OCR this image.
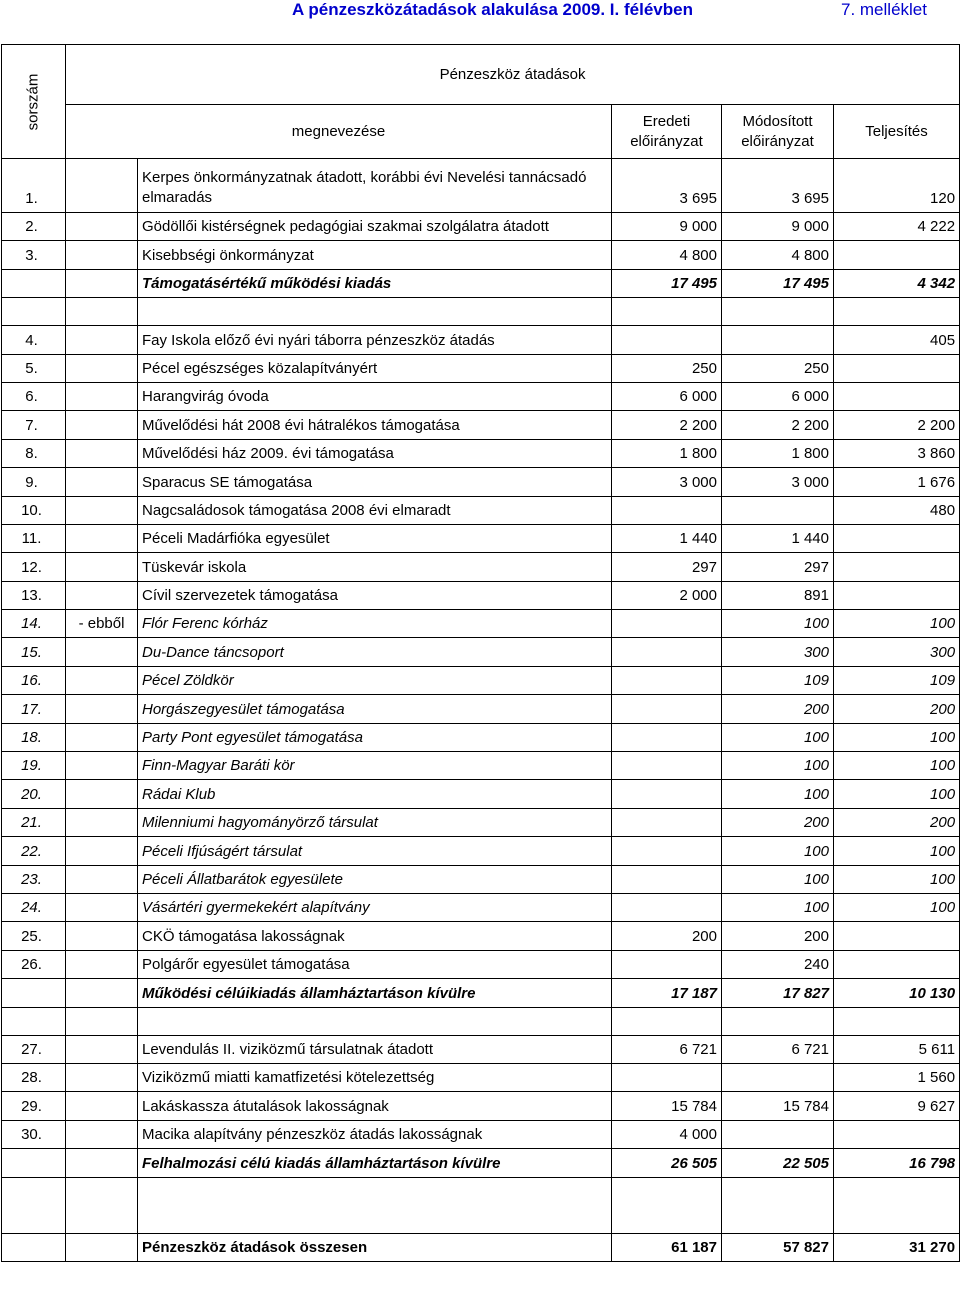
A pénzeszközátadások alakulása 2009. I. félévben	7. melléklet
sorszám	Pénzeszköz átadások				
	megnevezése		Eredeti
előirányzat	Módosított
előirányzat	Teljesítés
1.		Kerpes önkormányzatnak átadott, korábbi évi Nevelési tannácsadó elmaradás	3 695	3 695	120
2.		Gödöllői kistérségnek pedagógiai szakmai szolgálatra átadott	9 000	9 000	4 222
3.		Kisebbségi önkormányzat	4 800	4 800	
		Támogatásértékű működési kiadás	17 495	17 495	4 342

4.		Fay Iskola előző évi nyári táborra pénzeszköz átadás			405
5.		Pécel egészséges közalapítványért	250	250	
6.		Harangvirág óvoda	6 000	6 000	
7.		Művelődési hát 2008 évi hátralékos támogatása	2 200	2 200	2 200
8.		Művelődési ház 2009. évi támogatása	1 800	1 800	3 860
9.		Sparacus SE támogatása	3 000	3 000	1 676
10.		Nagcsaládosok támogatása 2008 évi elmaradt			480
11.		Péceli Madárfióka egyesület	1 440	1 440	
12.		Tüskevár iskola	297	297	
13.		Cívil szervezetek támogatása	2 000	891	
14.	- ebből	Flór Ferenc kórház		100	100
15.		Du-Dance táncsoport		300	300
16.		Pécel Zöldkör		109	109
17.		Horgászegyesület támogatása		200	200
18.		Party Pont egyesület támogatása		100	100
19.		Finn-Magyar Baráti kör		100	100
20.		Rádai Klub		100	100
21.		Milenniumi hagyományörző társulat		200	200
22.		Péceli Ifjúságért társulat		100	100
23.		Péceli Állatbarátok egyesülete		100	100
24.		Vásártéri gyermekekért alapítvány		100	100
25.		CKÖ támogatása lakosságnak	200	200	
26.		Polgárőr egyesület támogatása		240	
		Működési célúikiadás államháztartáson kívülre	17 187	17 827	10 130

27.		Levendulás II. viziközmű társulatnak átadott	6 721	6 721	5 611
28.		Viziközmű miatti kamatfizetési kötelezettség			1 560
29.		Lakáskassza átutalások lakosságnak	15 784	15 784	9 627
30.		Macika alapítvány pénzeszköz átadás lakosságnak	4 000		
		Felhalmozási célú kiadás államháztartáson kívülre	26 505	22 505	16 798

		Pénzeszköz átadások összesen	61 187	57 827	31 270
